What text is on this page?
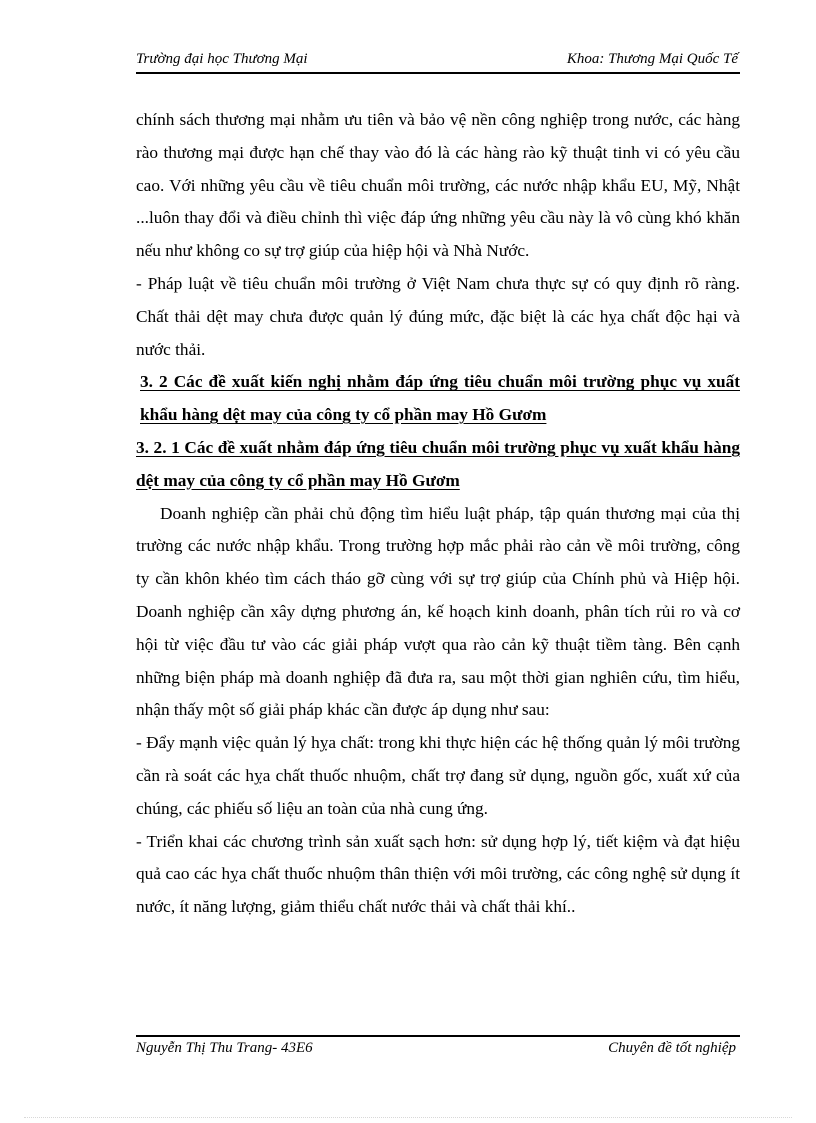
Trường đại học Thương Mại	Khoa: Thương Mại Quốc Tế

chính sách thương mại nhằm ưu tiên và bảo vệ nền công nghiệp trong nước, các hàng rào thương mại được hạn chế thay vào đó là các hàng rào kỹ thuật tinh vi có yêu cầu cao. Với những yêu cầu về tiêu chuẩn môi trường, các nước nhập khẩu EU, Mỹ, Nhật ...luôn thay đổi và điều chỉnh thì việc đáp ứng những yêu cầu này là vô cùng khó khăn nếu như không co sự trợ giúp của hiệp hội và Nhà Nước.

- Pháp luật về tiêu chuẩn môi trường ở Việt Nam chưa thực sự có quy định rõ ràng. Chất thải dệt may chưa được quản lý đúng mức, đặc biệt là các hỵa chất độc hại và nước thải.

3. 2 Các đề xuất kiến nghị nhằm đáp ứng tiêu chuẩn môi trường phục vụ xuất khẩu hàng dệt may của công ty cổ phần may Hồ Gươm

3. 2. 1 Các đề xuất nhằm đáp ứng tiêu chuẩn môi trường phục vụ xuất khẩu hàng dệt may của công ty cổ phần may Hồ Gươm

Doanh nghiệp cần phải chủ động tìm hiểu luật pháp, tập quán thương mại của thị trường các nước nhập khẩu. Trong trường hợp mắc phải rào cản về môi trường, công ty cần khôn khéo tìm cách tháo gỡ cùng với sự trợ giúp của Chính phủ và Hiệp hội. Doanh nghiệp cần xây dựng phương án, kế hoạch kinh doanh, phân tích rủi ro và cơ hội từ việc đầu tư vào các giải pháp vượt qua rào cản kỹ thuật tiềm tàng. Bên cạnh những biện pháp mà doanh nghiệp đã đưa ra, sau một thời gian nghiên cứu, tìm hiểu, nhận thấy một số giải pháp khác cần được áp dụng như sau:

- Đẩy mạnh việc quản lý hỵa chất: trong khi thực hiện các hệ thống quản lý môi trường cần rà soát các hỵa chất thuốc nhuộm, chất trợ đang sử dụng, nguồn gốc, xuất xứ của chúng, các phiếu số liệu an toàn của nhà cung ứng.

- Triển khai các chương trình sản xuất sạch hơn: sử dụng hợp lý, tiết kiệm và đạt hiệu quả cao các hỵa chất thuốc nhuộm thân thiện với môi trường, các công nghệ sử dụng ít nước, ít năng lượng, giảm thiểu chất nước thải và chất thải khí..

Nguyễn Thị Thu Trang- 43E6	Chuyên đề tốt nghiệp
